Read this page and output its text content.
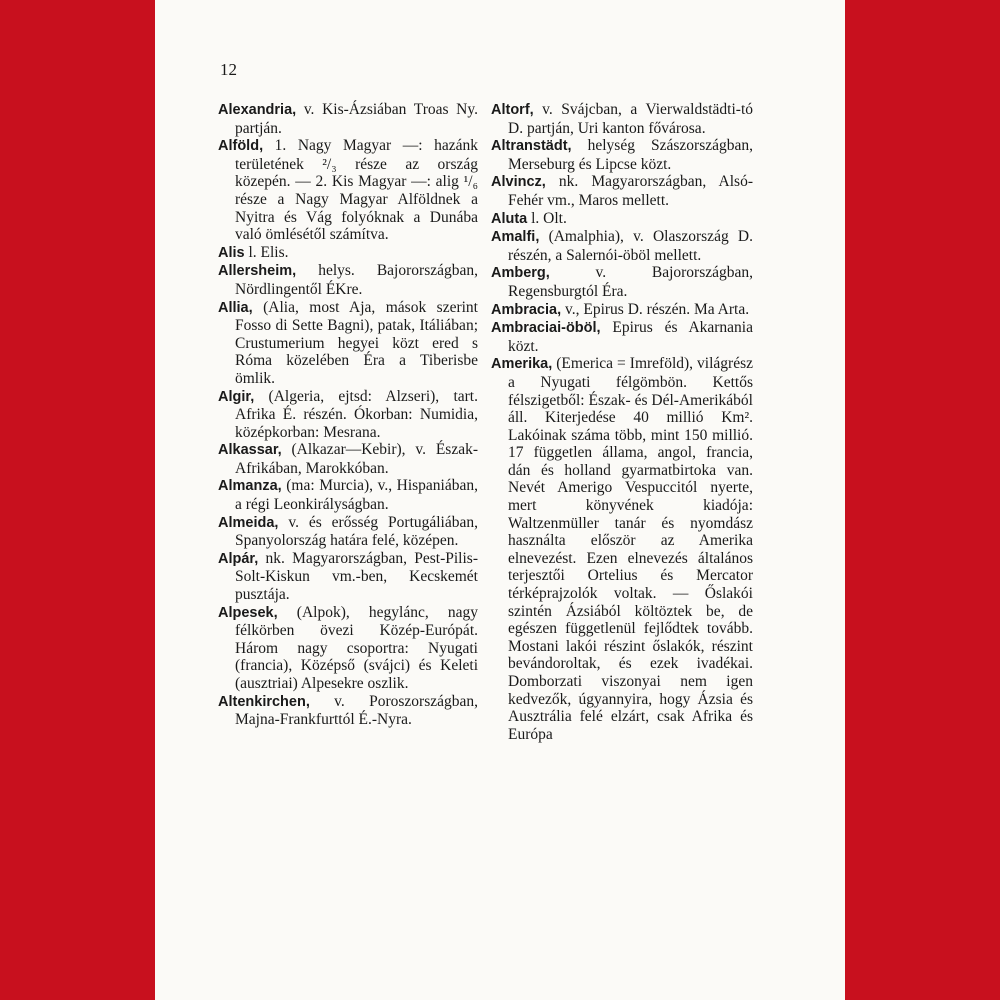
12

Alexandria, v. Kis-Ázsiában Troas Ny. partján.

Alföld, 1. Nagy Magyar —: hazánk területének ²/₃ része az ország közepén. — 2. Kis Magyar —: alig ¹/₆ része a Nagy Magyar Alföldnek a Nyitra és Vág folyóknak a Dunába való ömlésétől számítva.

Alis l. Elis.

Allersheim, helys. Bajorországban, Nördlingentől ÉKre.

Allia, (Alia, most Aja, mások szerint Fosso di Sette Bagni), patak, Itáliában; Crustumerium hegyei közt ered s Róma közelében Éra a Tiberisbe ömlik.

Algir, (Algeria, ejtsd: Alzseri), tart. Afrika É. részén. Ókorban: Numidia, középkorban: Mesrana.

Alkassar, (Alkazar—Kebir), v. Észak-Afrikában, Marokkóban.

Almanza, (ma: Murcia), v., Hispaniában, a régi Leonkirályságban.

Almeida, v. és erősség Portugáliában, Spanyolország határa felé, középen.

Alpár, nk. Magyarországban, Pest-Pilis-Solt-Kiskun vm.-ben, Kecskemét pusztája.

Alpesek, (Alpok), hegylánc, nagy félkörben övezi Közép-Európát. Három nagy csoportra: Nyugati (francia), Középső (svájci) és Keleti (ausztriai) Alpesekre oszlik.

Altenkirchen, v. Poroszországban, Majna-Frankfurttól É.-Nyra.

Altorf, v. Svájcban, a Vierwaldstädti-tó D. partján, Uri kanton fővárosa.

Altranstädt, helység Szászországban, Merseburg és Lipcse közt.

Alvincz, nk. Magyarországban, Alsó-Fehér vm., Maros mellett.

Aluta l. Olt.

Amalfi, (Amalphia), v. Olaszország D. részén, a Salernói-öböl mellett.

Amberg, v. Bajorországban, Regensburgtól Éra.

Ambracia, v., Epirus D. részén. Ma Arta.

Ambraciai-öböl, Epirus és Akarnania közt.

Amerika, (Emerica = Imreföld), világrész a Nyugati félgömbön. Kettős félszigetből: Észak- és Dél-Amerikából áll. Kiterjedése 40 millió Km². Lakóinak száma több, mint 150 millió. 17 független állama, angol, francia, dán és holland gyarmatbirtoka van. Nevét Amerigo Vespuccitól nyerte, mert könyvének kiadója: Waltzenmüller tanár és nyomdász használta először az Amerika elnevezést. Ezen elnevezés általános terjesztői Ortelius és Mercator térképrajzolók voltak. — Őslakói szintén Ázsiából költöztek be, de egészen függetlenül fejlődtek tovább. Mostani lakói részint őslakók, részint bevándoroltak, és ezek ivadékai. Domborzati viszonyai nem igen kedvezők, úgyannyira, hogy Ázsia és Ausztrália felé elzárt, csak Afrika és Európa
